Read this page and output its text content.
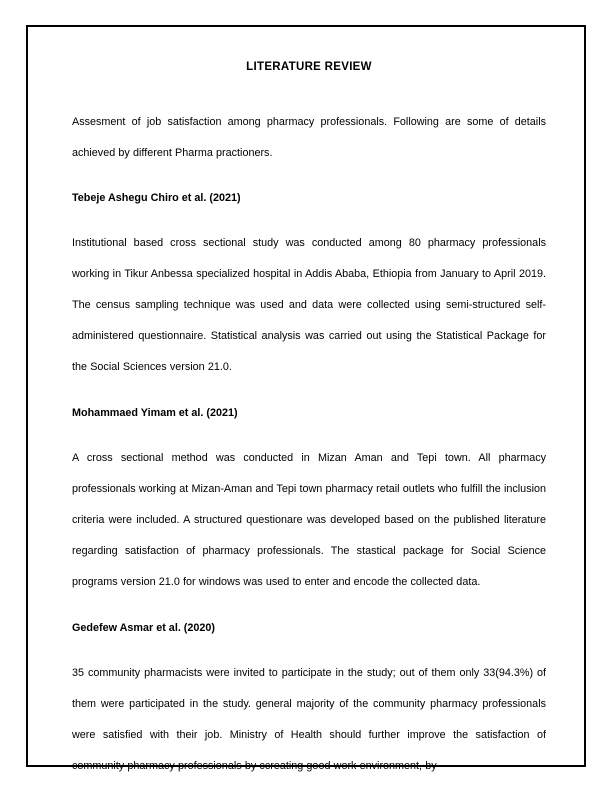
LITERATURE REVIEW

Assesment of job satisfaction among pharmacy professionals. Following are some of details achieved by different Pharma practioners.

Tebeje Ashegu Chiro et al. (2021)

Institutional based cross sectional study was conducted among 80 pharmacy professionals working in Tikur Anbessa specialized hospital in Addis Ababa, Ethiopia from January to April 2019. The census sampling technique was used and data were collected using semi-structured self-administered questionnaire. Statistical analysis was carried out using the Statistical Package for the Social Sciences version 21.0.

Mohammaed Yimam et al. (2021)

A cross sectional method was conducted in Mizan Aman and Tepi town. All pharmacy professionals working at Mizan-Aman and Tepi town pharmacy retail outlets who fulfill the inclusion criteria were included. A structured questionare was developed based on the published literature regarding satisfaction of pharmacy professionals. The stastical package for Social Science programs version 21.0 for windows was used to enter and encode the collected data.

Gedefew Asmar et al. (2020)

35 community pharmacists were invited to participate in the study; out of them only 33(94.3%) of them were participated in the study. general majority of the community pharmacy professionals were satisfied with their job. Ministry of Health should further improve the satisfaction of community pharmacy professionals by ccreating good work environment, by
